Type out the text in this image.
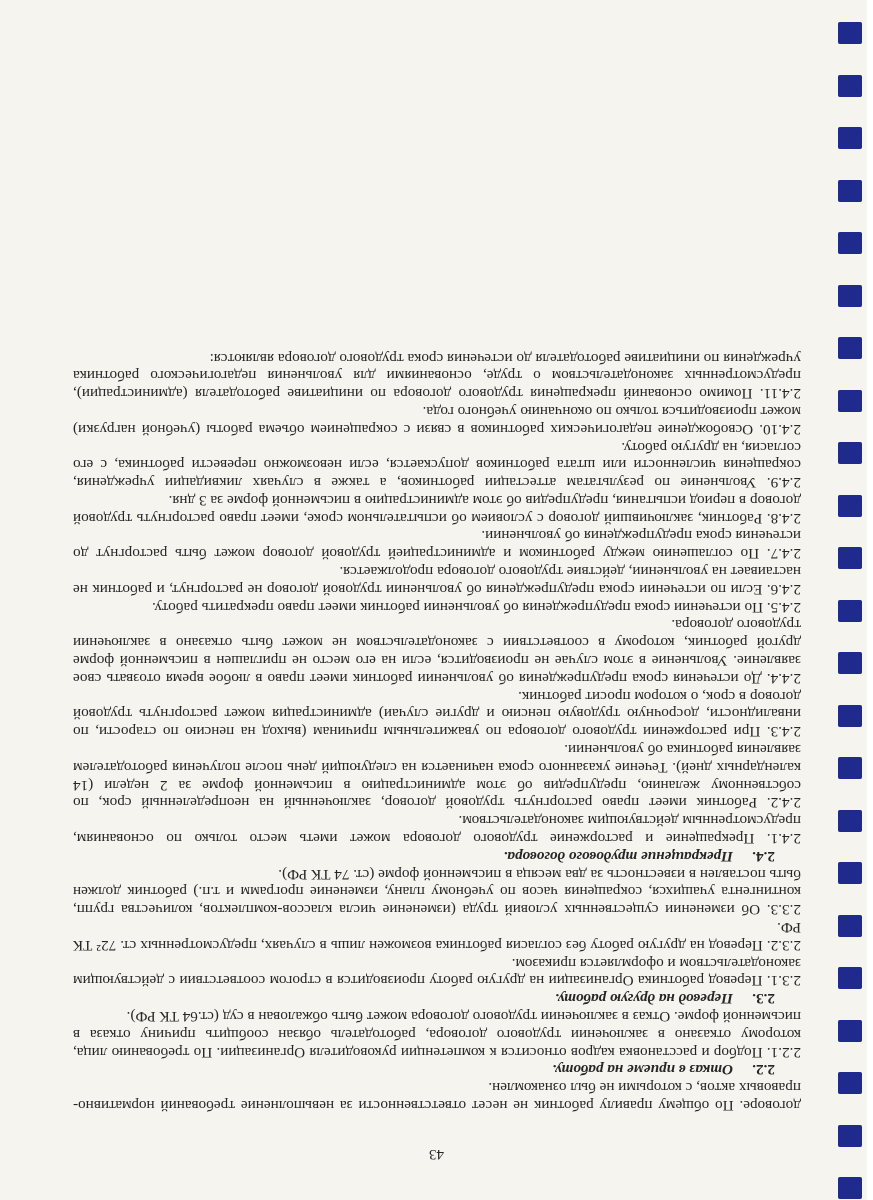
43

договоре. По общему правилу работник не несет ответственности за невыполнение требований нормативно-правовых актов, с которыми не был ознакомлен.

2.2.Отказ в приеме на работу.

2.2.1. Подбор и расстановка кадров относится к компетенции руководителя Организации. По требованию лица, которому отказано в заключении трудового договора, работодатель обязан сообщить причину отказа в письменной форме. Отказ в заключении трудового договора может быть обжалован в суд (ст.64 ТК РФ).

2.3.Перевод на другую работу.

2.3.1. Перевод работника Организации на другую работу производится в строгом соответствии с действующим законодательством и оформляется приказом.

2.3.2. Перевод на другую работу без согласия работника возможен лишь в случаях, предусмотренных ст. 72² ТК РФ.

2.3.3. Об изменении существенных условий труда (изменение числа классов-комплектов, количества групп, контингента учащихся, сокращения часов по учебному плану, изменение программ и т.п.) работник должен быть поставлен в известность за два месяца в письменной форме (ст. 74 ТК РФ).

2.4.Прекращение трудового договора.

2.4.1. Прекращение и расторжение трудового договора может иметь место только по основаниям, предусмотренным действующим законодательством.

2.4.2. Работник имеет право расторгнуть трудовой договор, заключенный на неопределенный срок, по собственному желанию, предупредив об этом администрацию в письменной форме за 2 недели (14 календарных дней). Течение указанного срока начинается на следующий день после получения работодателем заявления работника об увольнении.

2.4.3. При расторжении трудового договора по уважительным причинам (выход на пенсию по старости, по инвалидности, досрочную трудовую пенсию и другие случаи) администрация может расторгнуть трудовой договор в срок, о котором просит работник.

2.4.4. До истечения срока предупреждения об увольнении работник имеет право в любое время отозвать свое заявление. Увольнение в этом случае не производится, если на его место не приглашен в письменной форме другой работник, которому в соответствии с законодательством не может быть отказано в заключении трудового договора.

2.4.5. По истечении срока предупреждения об увольнении работник имеет право прекратить работу.

2.4.6. Если по истечении срока предупреждения об увольнении трудовой договор не расторгнут, и работник не настаивает на увольнении, действие трудового договора продолжается.

2.4.7. По соглашению между работником и администрацией трудовой договор может быть расторгнут до истечения срока предупреждения об увольнении.

2.4.8. Работник, заключивший договор с условием об испытательном сроке, имеет право расторгнуть трудовой договор в период испытания, предупредив об этом администрацию в письменной форме за 3 дня.

2.4.9. Увольнение по результатам аттестации работников, а также в случаях ликвидации учреждения, сокращения численности или штата работников допускается, если невозможно перевести работника, с его согласия, на другую работу.

2.4.10. Освобождение педагогических работников в связи с сокращением объема работы (учебной нагрузки) может производиться только по окончанию учебного года.

2.4.11. Помимо оснований прекращения трудового договора по инициативе работодателя (администрации), предусмотренных законодательством о труде, основаниями для увольнения педагогического работника учреждения по инициативе работодателя до истечения срока трудового договора являются:
